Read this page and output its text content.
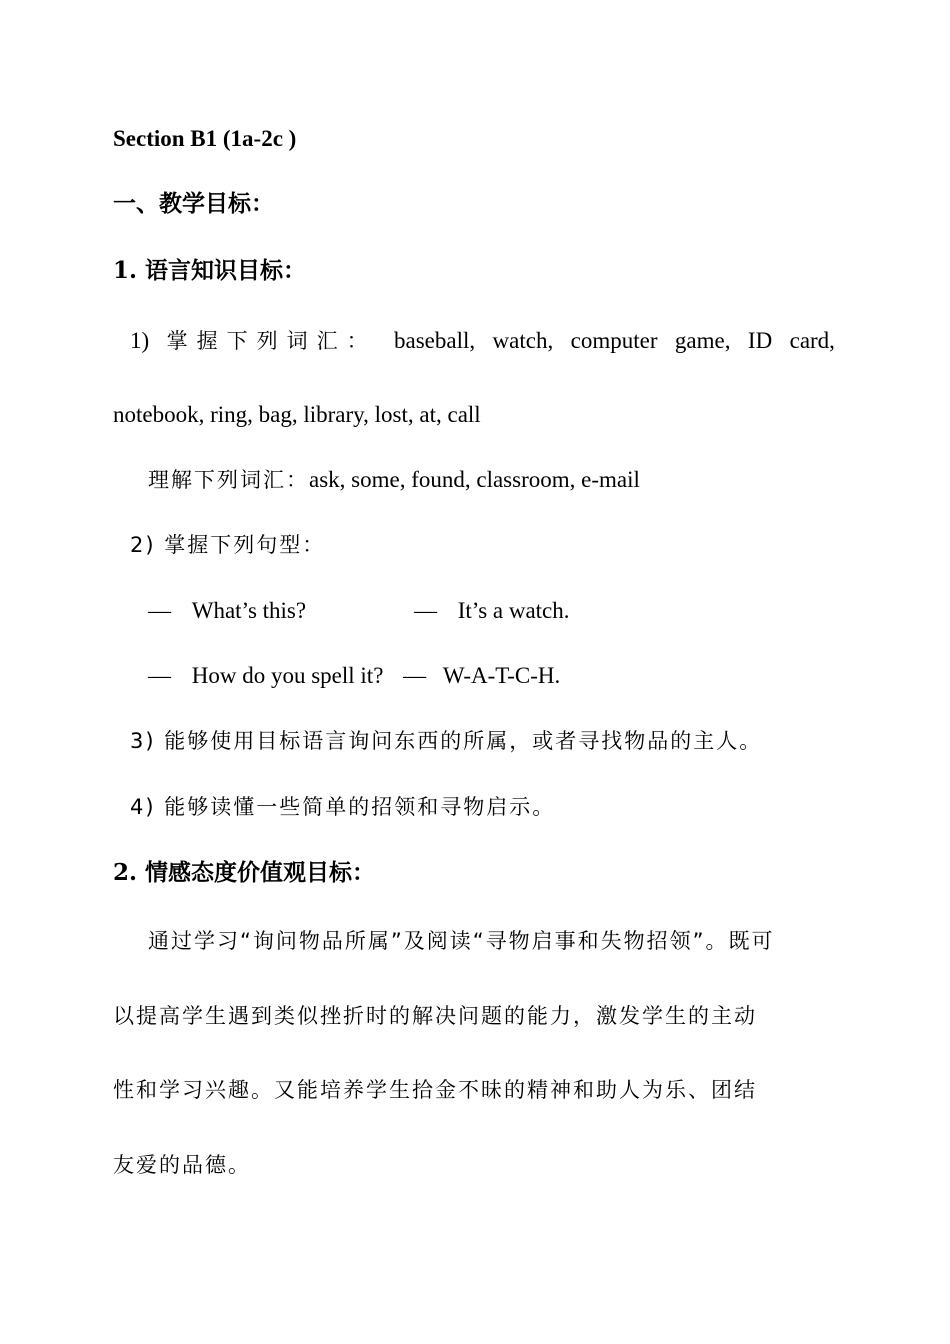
Section B1 (1a-2c )
一、教学目标：
1. 语言知识目标：
1) 掌握下列词汇： baseball, watch, computer game, ID card,
notebook, ring, bag, library, lost, at, call
理解下列词汇：ask, some, found, classroom, e-mail
2) 掌握下列句型：
— What’s this?	— It’s a watch.
— How do you spell it? — W-A-T-C-H.
3) 能够使用目标语言询问东西的所属，或者寻找物品的主人。
4) 能够读懂一些简单的招领和寻物启示。
2. 情感态度价值观目标：
通过学习“询问物品所属”及阅读“寻物启事和失物招领”。既可
以提高学生遇到类似挫折时的解决问题的能力，激发学生的主动
性和学习兴趣。又能培养学生拾金不昧的精神和助人为乐、团结
友爱的品德。
